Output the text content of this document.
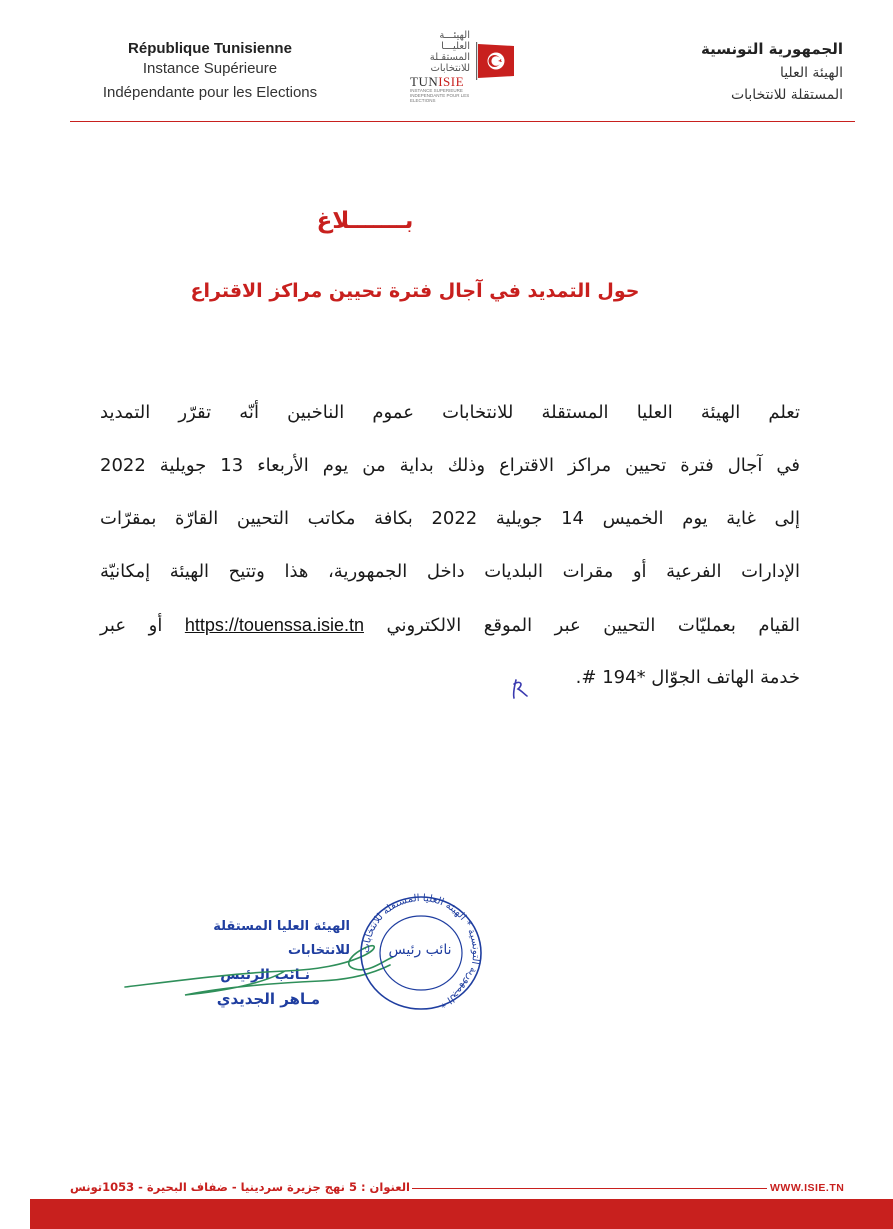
République Tunisienne
Instance Supérieure
Indépendante pour les Elections
الهيئـــة
العليـــا
المستقـلة
للانتخابات
TUNISIE
INSTANCE SUPERIEURE INDEPENDANTE POUR LES ELECTIONS
الجمهورية التونسية
الهيئة العليا
المستقلة للانتخابات
بـــــــلاغ
حول التمديد في آجال فترة تحيين مراكز الاقتراع
تعلم الهيئة العليا المستقلة للانتخابات عموم الناخبين أنّه تقرّر التمديد
في آجال فترة تحيين مراكز الاقتراع وذلك بداية من يوم الأربعاء 13 جويلية 2022
إلى غاية يوم الخميس 14 جويلية 2022 بكافة مكاتب التحيين القارّة بمقرّات
الإدارات الفرعية أو مقرات البلديات داخل الجمهورية، هذا وتتيح الهيئة إمكانيّة
القيام بعمليّات التحيين عبر الموقع الالكتروني https://touenssa.isie.tn أو عبر
خدمة الهاتف الجوّال *194 #.
الهيئة العليا المستقلة للانتخابات
نـائب الرئيس
مـاهر الجديدي
الجمهورية التونسية * الهيئة العليا المستقلة للانتخابات *
نائب رئيس
العنوان : 5 نهج جزيرة سردينيا - ضفاف البحيرة - 1053تونس	WWW.ISIE.TN
